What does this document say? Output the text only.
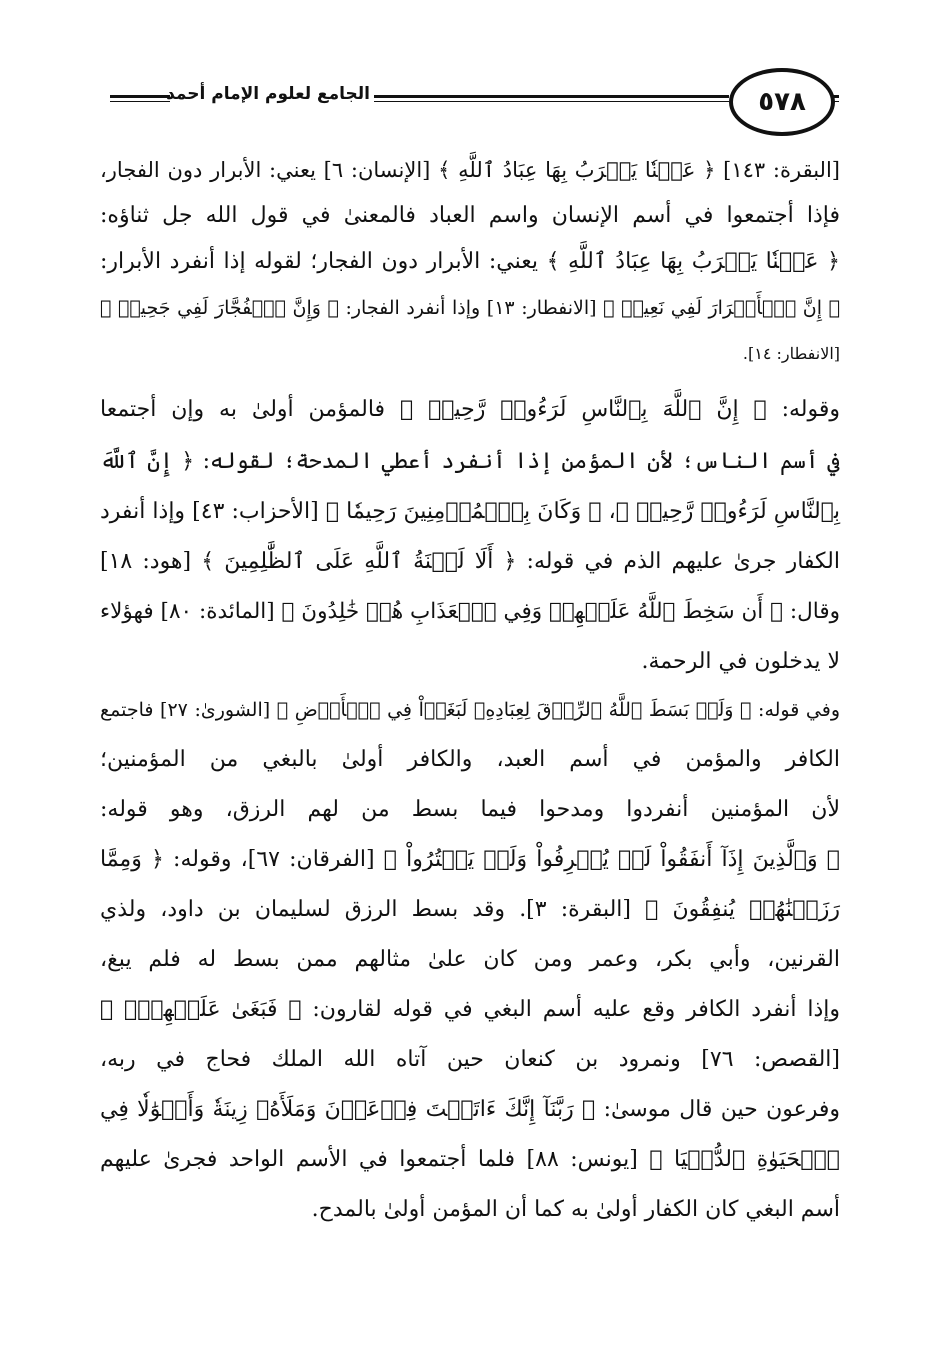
٥٧٨
الجامع لعلوم الإمام أحمد
[البقرة: ١٤٣] ﴿ عَيۡنٗا يَشۡرَبُ بِهَا عِبَادُ ٱللَّهِ ﴾ [الإنسان: ٦] يعني: الأبرار دون الفجار،
فإذا أجتمعوا في أسم الإنسان واسم العباد فالمعنىٰ في قول الله جل ثناؤه:
﴿ عَيۡنٗا يَشۡرَبُ بِهَا عِبَادُ ٱللَّهِ ﴾ يعني: الأبرار دون الفجار؛ لقوله إذا أنفرد الأبرار:
﴿ إِنَّ ٱلۡأَبۡرَارَ لَفِي نَعِيمٖ ﴾ [الانفطار: ١٣] وإذا أنفرد الفجار: ﴿ وَإِنَّ ٱلۡفُجَّارَ لَفِي جَحِيمٖ ﴾
[الانفطار: ١٤].
وقوله: ﴿ إِنَّ ٱللَّهَ بِٱلنَّاسِ لَرَءُوفٞ رَّحِيمٞ ﴾ فالمؤمن أولىٰ به وإن أجتمعا
في أسم الناس؛ لأن المؤمن إذا أنفرد أعطي المدحة؛ لقوله: ﴿ إِنَّ ٱللَّهَ
بِٱلنَّاسِ لَرَءُوفٞ رَّحِيمٞ ﴾، ﴿ وَكَانَ بِٱلۡمُؤۡمِنِينَ رَحِيمٗا ﴾ [الأحزاب: ٤٣] وإذا أنفرد
الكفار جرىٰ عليهم الذم في قوله: ﴿ أَلَا لَعۡنَةُ ٱللَّهِ عَلَى ٱلظَّٰلِمِينَ ﴾ [هود: ١٨]
وقال: ﴿ أَن سَخِطَ ٱللَّهُ عَلَيۡهِمۡ وَفِي ٱلۡعَذَابِ هُمۡ خَٰلِدُونَ ﴾ [المائدة: ٨٠] فهؤلاء
لا يدخلون في الرحمة.
وفي قوله: ﴿ وَلَوۡ بَسَطَ ٱللَّهُ ٱلرِّزۡقَ لِعِبَادِهِۦ لَبَغَوۡاْ فِي ٱلۡأَرۡضِ ﴾ [الشورىٰ: ٢٧] فاجتمع
الكافر والمؤمن في أسم العبد، والكافر أولىٰ بالبغي من المؤمنين؛
لأن المؤمنين أنفردوا ومدحوا فيما بسط من لهم الرزق، وهو قوله:
﴿ وَٱلَّذِينَ إِذَآ أَنفَقُواْ لَمۡ يُسۡرِفُواْ وَلَمۡ يَقۡتُرُواْ ﴾ [الفرقان: ٦٧]، وقوله: ﴿ وَمِمَّا
رَزَقۡنَٰهُمۡ يُنفِقُونَ ﴾ [البقرة: ٣]. وقد بسط الرزق لسليمان بن داود، ولذي
القرنين، وأبي بكر، وعمر ومن كان علىٰ مثالهم ممن بسط له فلم يبغ،
وإذا أنفرد الكافر وقع عليه أسم البغي في قوله لقارون: ﴿ فَبَغَىٰ عَلَيۡهِمۡۖ ﴾
[القصص: ٧٦] ونمرود بن كنعان حين آتاه الله الملك فحاج في ربه،
وفرعون حين قال موسىٰ: ﴿ رَبَّنَآ إِنَّكَ ءَاتَيۡتَ فِرۡعَوۡنَ وَمَلَأَهُۥ زِينَةٗ وَأَمۡوَٰلٗا فِي
ٱلۡحَيَوٰةِ ٱلدُّنۡيَا ﴾ [يونس: ٨٨] فلما أجتمعوا في الأسم الواحد فجرىٰ عليهم
أسم البغي كان الكفار أولىٰ به كما أن المؤمن أولىٰ بالمدح.
